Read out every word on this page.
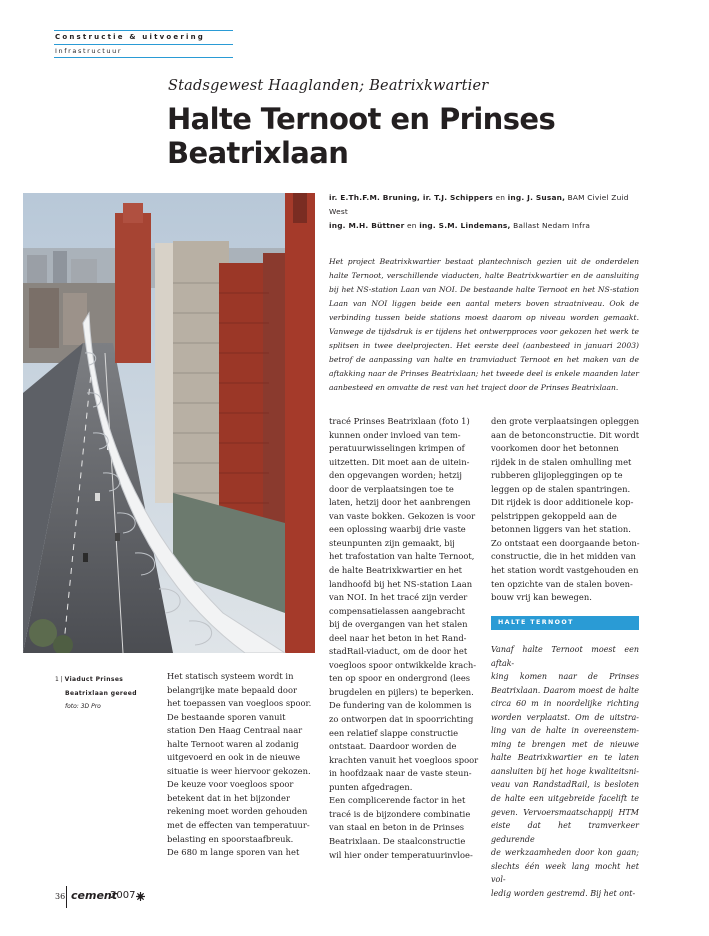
Constructie & uitvoering
Infrastructuur
Stadsgewest Haaglanden; Beatrixkwartier
Halte Ternoot en Prinses Beatrixlaan
ir. E.Th.F.M. Bruning, ir. T.J. Schippers en ing. J. Susan, BAM Civiel Zuid West
ing. M.H. Büttner en ing. S.M. Lindemans, Ballast Nedam Infra

Het project Beatrixkwartier bestaat plantechnisch gezien uit de onderdelen halte Ternoot, verschillende viaducten, halte Beatrixkwartier en de aansluiting bij het NS-station Laan van NOI. De bestaande halte Ternoot en het NS-station Laan van NOI liggen beide een aantal meters boven straatniveau. Ook de verbinding tussen beide stations moest daarom op niveau worden gemaakt. Vanwege de tijdsdruk is er tijdens het ontwerpproces voor gekozen het werk te splitsen in twee deelprojecten. Het eerste deel (aanbesteed in januari 2003) betrof de aanpassing van halte en tramviaduct Ternoot en het maken van de aftakking naar de Prinses Beatrixlaan; het tweede deel is enkele maanden later aanbesteed en omvatte de rest van het traject door de Prinses Beatrixlaan.

1 | Viaduct Prinses
Beatrixlaan gereed
foto: 3D Pro

Het statisch systeem wordt in

belangrijke mate bepaald door

het toepassen van voegloos spoor.

De bestaande sporen vanuit

station Den Haag Centraal naar

halte Ternoot waren al zodanig

uitgevoerd en ook in de nieuwe

situatie is weer hiervoor gekozen.

De keuze voor voegloos spoor

betekent dat in het bijzonder

rekening moet worden gehouden

met de effecten van temperatuur-

belasting en spoorstaafbreuk.

De 680 m lange sporen van het

tracé Prinses Beatrixlaan (foto 1)

kunnen onder invloed van tem-

peratuurwisselingen krimpen of

uitzetten. Dit moet aan de uitein-

den opgevangen worden; hetzij

door de verplaatsingen toe te

laten, hetzij door het aanbrengen

van vaste bokken. Gekozen is voor

een oplossing waarbij drie vaste

steunpunten zijn gemaakt, bij

het trafostation van halte Ternoot,

de halte Beatrixkwartier en het

landhoofd bij het NS-station Laan

van NOI. In het tracé zijn verder

compensatielassen aangebracht

bij de overgangen van het stalen

deel naar het beton in het Rand-

stadRail-viaduct, om de door het

voegloos spoor ontwikkelde krach-

ten op spoor en ondergrond (lees

brugdelen en pijlers) te beperken.

De fundering van de kolommen is

zo ontworpen dat in spoorrichting

een relatief slappe constructie

ontstaat. Daardoor worden de

krachten vanuit het voegloos spoor

in hoofdzaak naar de vaste steun-

punten afgedragen.

Een complicerende factor in het

tracé is de bijzondere combinatie

van staal en beton in de Prinses

Beatrixlaan. De staalconstructie

wil hier onder temperatuurinvloe-

den grote verplaatsingen opleggen

aan de betonconstructie. Dit wordt

voorkomen door het betonnen

rijdek in de stalen omhulling met

rubberen glijopleggingen op te

leggen op de stalen spantringen.

Dit rijdek is door additionele kop-

pelstrippen gekoppeld aan de

betonnen liggers van het station.

Zo ontstaat een doorgaande beton-

constructie, die in het midden van

het station wordt vastgehouden en

ten opzichte van de stalen boven-

bouw vrij kan bewegen.

HALTE TERNOOT

Vanaf halte Ternoot moest een aftak-

king komen naar de Prinses

Beatrixlaan. Daarom moest de halte

circa 60 m in noordelijke richting

worden verplaatst. Om de uitstra-

ling van de halte in overeenstem-

ming te brengen met de nieuwe

halte Beatrixkwartier en te laten

aansluiten bij het hoge kwaliteitsni-

veau van RandstadRail, is besloten

de halte een uitgebreide facelift te

geven. Vervoersmaatschappij HTM

eiste dat het tramverkeer gedurende

de werkzaamheden door kon gaan;

slechts één week lang mocht het vol-

ledig worden gestremd. Bij het ont-

36 cement
2007
